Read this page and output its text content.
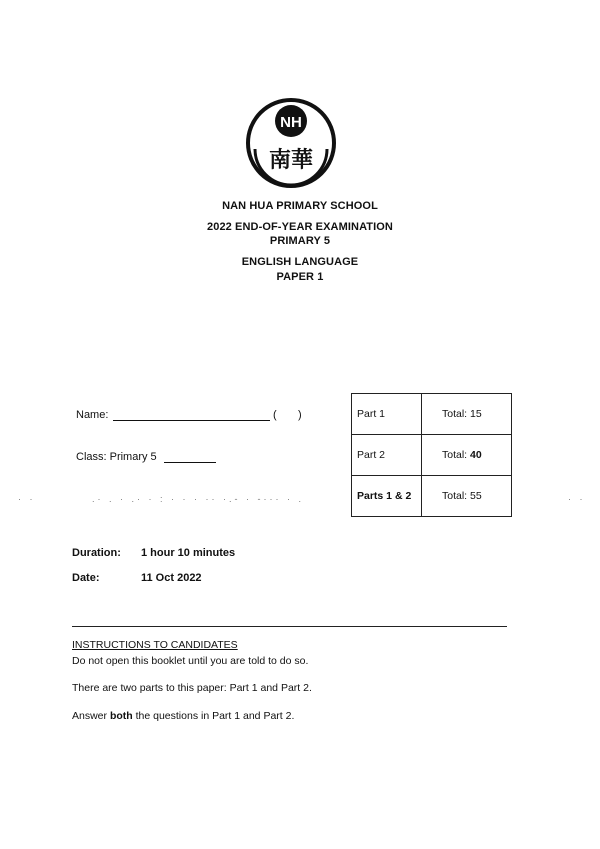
NH
南華
NAN HUA PRIMARY SCHOOL
2022 END-OF-YEAR EXAMINATION
PRIMARY 5
ENGLISH LANGUAGE
PAPER 1
Name:	(       )
Class: Primary 5
· ·	.· . · .· · : · · · ·· ·.- · -··· · .	· ·
Part 1	Total: 15
Part 2	Total: 40
Parts 1 & 2	Total: 55
Duration: 1 hour 10 minutes
Date:	11 Oct 2022
INSTRUCTIONS TO CANDIDATES
Do not open this booklet until you are told to do so.
There are two parts to this paper: Part 1 and Part 2.
Answer both the questions in Part 1 and Part 2.
